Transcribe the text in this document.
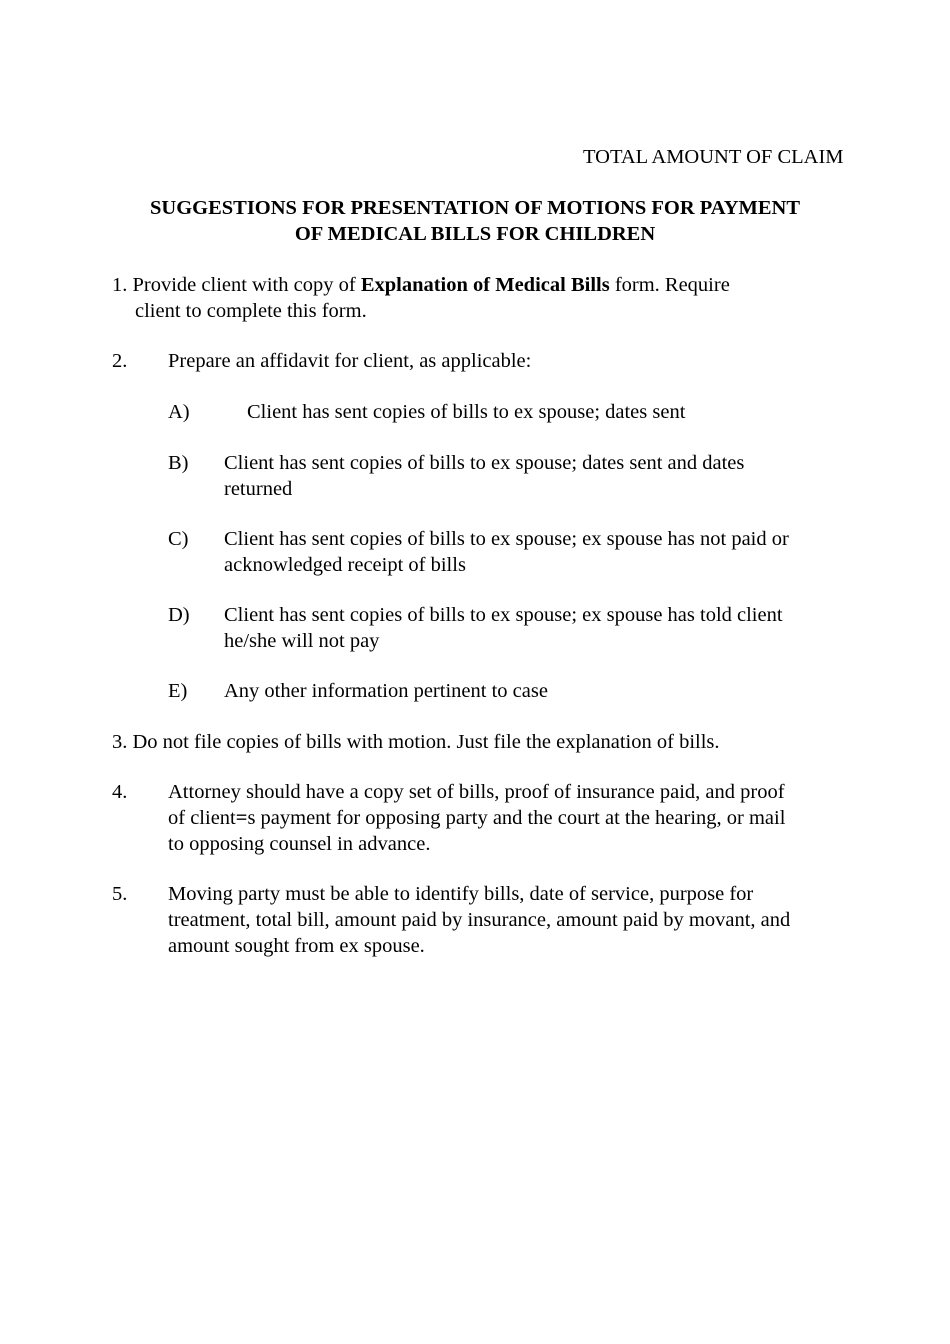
TOTAL AMOUNT OF CLAIM
SUGGESTIONS FOR PRESENTATION OF MOTIONS FOR PAYMENT
OF MEDICAL BILLS FOR CHILDREN
1. Provide client with copy of Explanation of Medical Bills form. Require
client to complete this form.
2. Prepare an affidavit for client, as applicable:
A)	Client has sent copies of bills to ex spouse; dates sent
B) Client has sent copies of bills to ex spouse; dates sent and dates
returned
C) Client has sent copies of bills to ex spouse; ex spouse has not paid or
acknowledged receipt of bills
D) Client has sent copies of bills to ex spouse; ex spouse has told client
he/she will not pay
E) Any other information pertinent to case
3. Do not file copies of bills with motion. Just file the explanation of bills.
4. Attorney should have a copy set of bills, proof of insurance paid, and proof
of client=s payment for opposing party and the court at the hearing, or mail
to opposing counsel in advance.
5. Moving party must be able to identify bills, date of service, purpose for
treatment, total bill, amount paid by insurance, amount paid by movant, and
amount sought from ex spouse.
